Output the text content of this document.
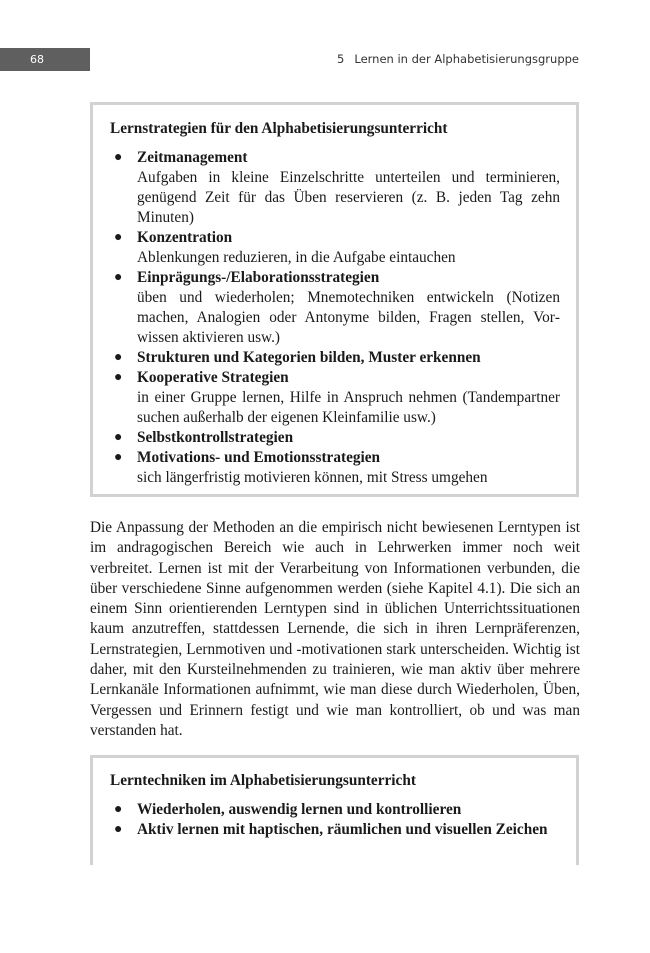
68	5 Lernen in der Alphabetisierungsgruppe
Lernstrategien für den Alphabetisierungsunterricht
● Zeitmanagement
Aufgaben in kleine Einzelschritte unterteilen und terminieren, genügend Zeit für das Üben reservieren (z. B. jeden Tag zehn Minuten)
● Konzentration
Ablenkungen reduzieren, in die Aufgabe eintauchen
● Einprägungs-/Elaborationsstrategien
üben und wiederholen; Mnemotechniken entwickeln (Notizen machen, Analogien oder Antonyme bilden, Fragen stellen, Vorwissen aktivieren usw.)
● Strukturen und Kategorien bilden, Muster erkennen
● Kooperative Strategien
in einer Gruppe lernen, Hilfe in Anspruch nehmen (Tandempartner suchen außerhalb der eigenen Kleinfamilie usw.)
● Selbstkontrollstrategien
● Motivations- und Emotionsstrategien
sich längerfristig motivieren können, mit Stress umgehen

Die Anpassung der Methoden an die empirisch nicht bewiesenen Lerntypen ist im andragogischen Bereich wie auch in Lehrwerken immer noch weit verbreitet. Lernen ist mit der Verarbeitung von Informationen verbunden, die über verschiedene Sinne aufgenommen werden (siehe Kapitel 4.1). Die sich an einem Sinn orientierenden Lerntypen sind in üblichen Unterrichtssituationen kaum anzutreffen, stattdessen Lernende, die sich in ihren Lernpräferenzen, Lernstrategien, Lernmotiven und -motivationen stark unterscheiden. Wichtig ist daher, mit den Kursteilnehmenden zu trainieren, wie man aktiv über mehrere Lernkanäle Informationen aufnimmt, wie man diese durch Wiederholen, Üben, Vergessen und Erinnern festigt und wie man kontrolliert, ob und was man verstanden hat.

Lerntechniken im Alphabetisierungsunterricht
● Wiederholen, auswendig lernen und kontrollieren
● Aktiv lernen mit haptischen, räumlichen und visuellen Zeichen
